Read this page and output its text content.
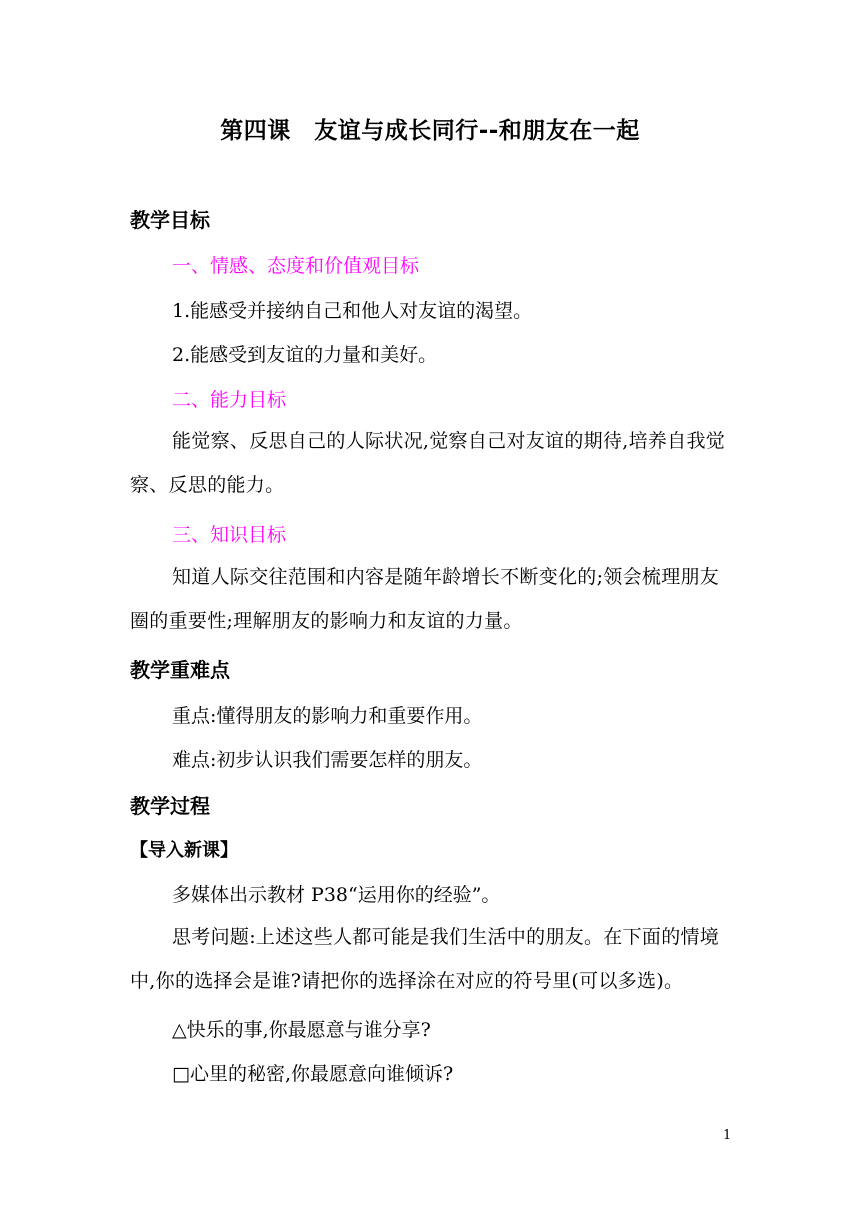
第四课　友谊与成长同行--和朋友在一起
教学目标
一、情感、态度和价值观目标
1.能感受并接纳自己和他人对友谊的渴望。
2.能感受到友谊的力量和美好。
二、能力目标
能觉察、反思自己的人际状况,觉察自己对友谊的期待,培养自我觉察、反思的能力。
三、知识目标
知道人际交往范围和内容是随年龄增长不断变化的;领会梳理朋友圈的重要性;理解朋友的影响力和友谊的力量。
教学重难点
重点:懂得朋友的影响力和重要作用。
难点:初步认识我们需要怎样的朋友。
教学过程
【导入新课】
多媒体出示教材 P38“运用你的经验”。
思考问题:上述这些人都可能是我们生活中的朋友。在下面的情境中,你的选择会是谁?请把你的选择涂在对应的符号里(可以多选)。
△快乐的事,你最愿意与谁分享?
□心里的秘密,你最愿意向谁倾诉?
1
